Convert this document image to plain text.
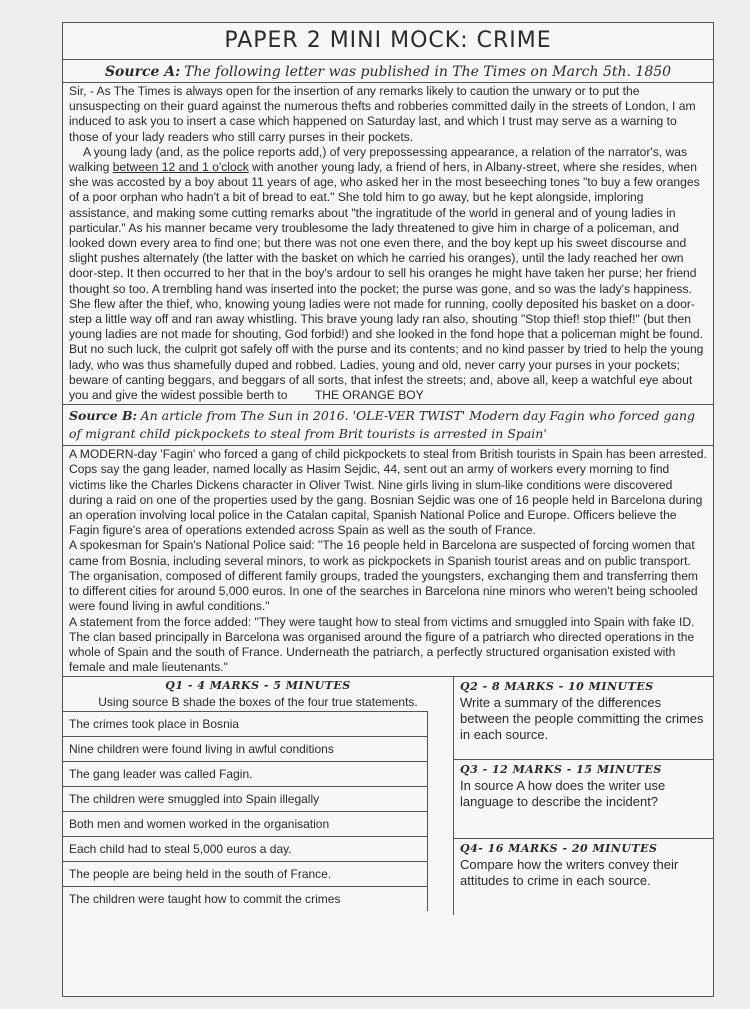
PAPER 2 MINI MOCK: CRIME
Source A: The following letter was published in The Times on March 5th. 1850

Sir, - As The Times is always open for the insertion of any remarks likely to caution the unwary or to put the unsuspecting on their guard against the numerous thefts and robberies committed daily in the streets of London, I am induced to ask you to insert a case which happened on Saturday last, and which I trust may serve as a warning to those of your lady readers who still carry purses in their pockets.

A young lady (and, as the police reports add,) of very prepossessing appearance, a relation of the narrator's, was walking between 12 and 1 o'clock with another young lady, a friend of hers, in Albany-street, where she resides, when she was accosted by a boy about 11 years of age, who asked her in the most beseeching tones "to buy a few oranges of a poor orphan who hadn't a bit of bread to eat." She told him to go away, but he kept alongside, imploring assistance, and making some cutting remarks about "the ingratitude of the world in general and of young ladies in particular." As his manner became very troublesome the lady threatened to give him in charge of a policeman, and looked down every area to find one; but there was not one even there, and the boy kept up his sweet discourse and slight pushes alternately (the latter with the basket on which he carried his oranges), until the lady reached her own door-step. It then occurred to her that in the boy's ardour to sell his oranges he might have taken her purse; her friend thought so too. A trembling hand was inserted into the pocket; the purse was gone, and so was the lady's happiness. She flew after the thief, who, knowing young ladies were not made for running, coolly deposited his basket on a door-step a little way off and ran away whistling. This brave young lady ran also, shouting "Stop thief! stop thief!" (but then young ladies are not made for shouting, God forbid!) and she looked in the fond hope that a policeman might be found. But no such luck, the culprit got safely off with the purse and its contents; and no kind passer by tried to help the young lady, who was thus shamefully duped and robbed. Ladies, young and old, never carry your purses in your pockets; beware of canting beggars, and beggars of all sorts, that infest the streets; and, above all, keep a watchful eye about you and give the widest possible berth to THE ORANGE BOY

Source B: An article from The Sun in 2016. 'OLE-VER TWIST' Modern day Fagin who forced gang of migrant child pickpockets to steal from Brit tourists is arrested in Spain'

A MODERN-day 'Fagin' who forced a gang of child pickpockets to steal from British tourists in Spain has been arrested. Cops say the gang leader, named locally as Hasim Sejdic, 44, sent out an army of workers every morning to find victims like the Charles Dickens character in Oliver Twist. Nine girls living in slum-like conditions were discovered during a raid on one of the properties used by the gang. Bosnian Sejdic was one of 16 people held in Barcelona during an operation involving local police in the Catalan capital, Spanish National Police and Europe. Officers believe the Fagin figure's area of operations extended across Spain as well as the south of France.

A spokesman for Spain's National Police said: "The 16 people held in Barcelona are suspected of forcing women that came from Bosnia, including several minors, to work as pickpockets in Spanish tourist areas and on public transport. The organisation, composed of different family groups, traded the youngsters, exchanging them and transferring them to different cities for around 5,000 euros. In one of the searches in Barcelona nine minors who weren't being schooled were found living in awful conditions."

A statement from the force added: "They were taught how to steal from victims and smuggled into Spain with fake ID. The clan based principally in Barcelona was organised around the figure of a patriarch who directed operations in the whole of Spain and the south of France. Underneath the patriarch, a perfectly structured organisation existed with female and male lieutenants."

Q1 - 4 MARKS - 5 MINUTES
Using source B shade the boxes of the four true statements.
The crimes took place in Bosnia
Nine children were found living in awful conditions
The gang leader was called Fagin.
The children were smuggled into Spain illegally
Both men and women worked in the organisation
Each child had to steal 5,000 euros a day.
The people are being held in the south of France.
The children were taught how to commit the crimes
Q2 - 8 MARKS - 10 MINUTES
Write a summary of the differences between the people committing the crimes in each source.
Q3 - 12 MARKS - 15 MINUTES
In source A how does the writer use language to describe the incident?
Q4- 16 MARKS - 20 MINUTES
Compare how the writers convey their attitudes to crime in each source.
